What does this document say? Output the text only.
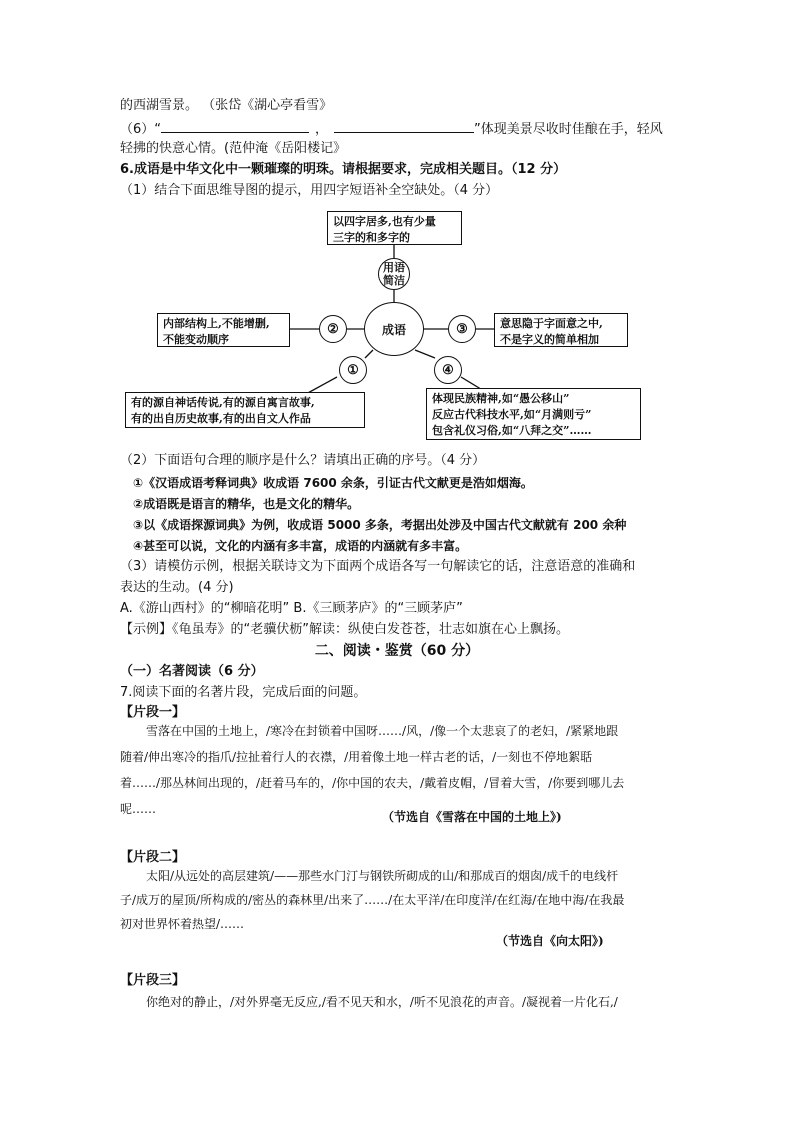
的西湖雪景。 （张岱《湖心亭看雪》
（6）“	，	”体现美景尽收时佳酿在手，轻风
轻拂的快意心情。(范仲淹《岳阳楼记》
6.成语是中华文化中一颗璀璨的明珠。请根据要求，完成相关题目。（12 分）
（1）结合下面思维导图的提示，用四字短语补全空缺处。（4 分）
以四字居多,也有少量
三字的和多字的
用语
简洁
成语
②	③
①	④
内部结构上,不能增删,
不能变动顺序
意思隐于字面意之中,
不是字义的简单相加
有的源自神话传说,有的源自寓言故事,
有的出自历史故事,有的出自文人作品
体现民族精神,如“愚公移山”
反应古代科技水平,如“月满则亏”
包含礼仪习俗,如“八拜之交”……
（2）下面语句合理的顺序是什么？请填出正确的序号。（4 分）
①《汉语成语考释词典》收成语 7600 余条，引证古代文献更是浩如烟海。
②成语既是语言的精华，也是文化的精华。
③以《成语探源词典》为例，收成语 5000 多条，考据出处涉及中国古代文献就有 200 余种
④甚至可以说，文化的内涵有多丰富，成语的内涵就有多丰富。
（3）请模仿示例，根据关联诗文为下面两个成语各写一句解读它的话，注意语意的准确和
表达的生动。(4 分)
A.《游山西村》的“柳暗花明” B.《三顾茅庐》的“三顾茅庐”
【示例】《龟虽寿》的“老骥伏枥”解读：纵使白发苍苍，壮志如旗在心上飘扬。
二、阅读・鉴赏（60 分）
（一）名著阅读（6 分）
7.阅读下面的名著片段，完成后面的问题。
【片段一】
雪落在中国的土地上，/寒冷在封锁着中国呀……/风，/像一个太悲哀了的老妇，/紧紧地跟
随着/伸出寒冷的指爪/拉扯着行人的衣襟，/用着像土地一样古老的话，/一刻也不停地絮聒
着……/那丛林间出现的，/赶着马车的，/你中国的农夫，/戴着皮帽，/冒着大雪，/你要到哪儿去
呢……
（节选自《雪落在中国的土地上》)
【片段二】
太阳/从远处的高层建筑/——那些水门汀与钢铁所砌成的山/和那成百的烟囱/成千的电线杆
子/成万的屋顶/所构成的/密丛的森林里/出来了……/在太平洋/在印度洋/在红海/在地中海/在我最
初对世界怀着热望/……
（节选自《向太阳》)
【片段三】
你绝对的静止，/对外界毫无反应,/看不见天和水，/听不见浪花的声音。/凝视着一片化石,/
